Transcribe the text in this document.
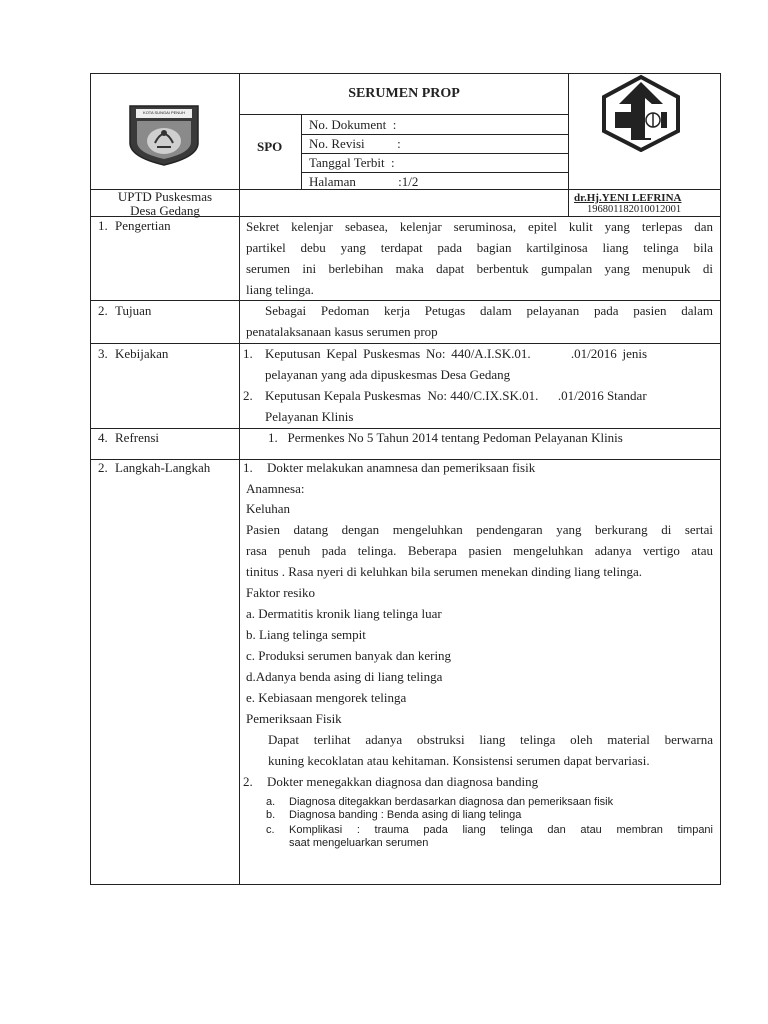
KOTA SUNGAI PENUH
SERUMEN PROP
SPO
No. Dokument  :
No. Revisi          :
Tanggal Terbit  :
Halaman             :1/2
UPTD Puskesmas
Desa Gedang
dr.Hj.YENI LEFRINA
196801182010012001
1. Pengertian	Sekret kelenjar sebasea, kelenjar seruminosa, epitel kulit yang terlepas dan
partikel debu yang terdapat pada bagian kartilginosa liang telinga bila
serumen ini berlebihan maka dapat berbentuk gumpalan yang menupuk di
liang telinga.
2. Tujuan	Sebagai Pedoman kerja Petugas dalam pelayanan pada pasien dalam
penatalaksanaan kasus serumen prop
3. Kebijakan	1. Keputusan Kepal Puskesmas No: 440/A.I.SK.01.       .01/2016 jenis
pelayanan yang ada dipuskesmas Desa Gedang
2. Keputusan Kepala Puskesmas  No: 440/C.IX.SK.01.      .01/2016 Standar
Pelayanan Klinis
4. Refrensi	1.   Permenkes No 5 Tahun 2014 tentang Pedoman Pelayanan Klinis
2. Langkah-Langkah	1. Dokter melakukan anamnesa dan pemeriksaan fisik
Anamnesa:
Keluhan
Pasien datang dengan mengeluhkan pendengaran yang berkurang di sertai
rasa penuh pada telinga. Beberapa pasien mengeluhkan adanya vertigo atau
tinitus . Rasa nyeri di keluhkan bila serumen menekan dinding liang telinga.
Faktor resiko
a. Dermatitis kronik liang telinga luar
b. Liang telinga sempit
c. Produksi serumen banyak dan kering
d.Adanya benda asing di liang telinga
e. Kebiasaan mengorek telinga
Pemeriksaan Fisik
Dapat terlihat adanya obstruksi liang telinga oleh material berwarna
kuning kecoklatan atau kehitaman. Konsistensi serumen dapat bervariasi.
2. Dokter menegakkan diagnosa dan diagnosa banding
a. Diagnosa ditegakkan berdasarkan diagnosa dan pemeriksaan fisik
b. Diagnosa banding : Benda asing di liang telinga
c. Komplikasi : trauma pada liang telinga dan atau membran timpani
saat mengeluarkan serumen
